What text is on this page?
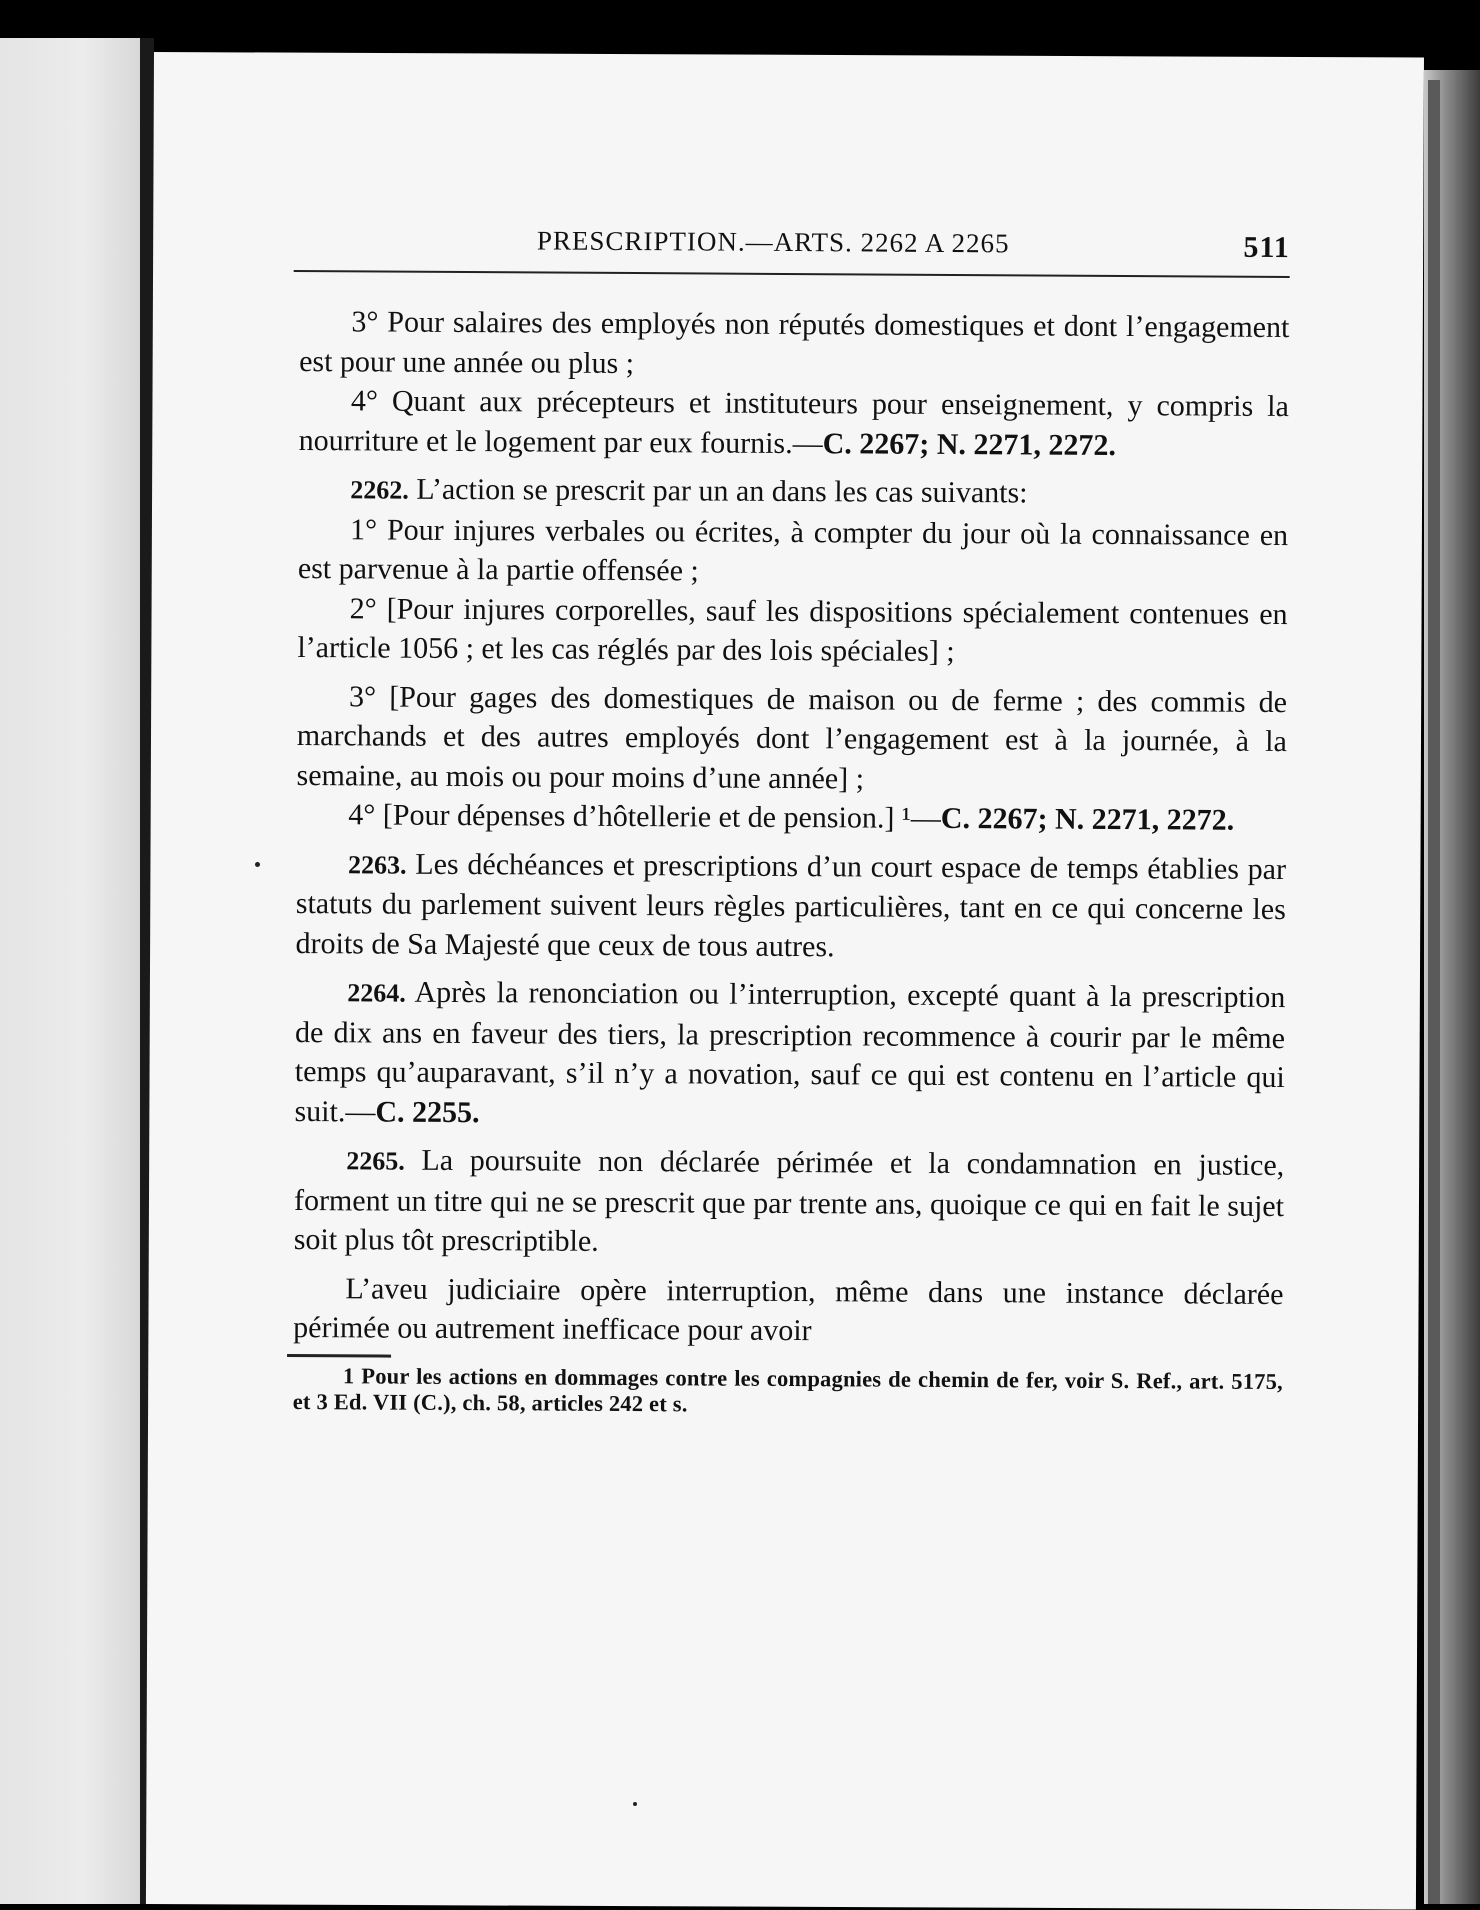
PRESCRIPTION.—ARTS. 2262 A 2265	511

3° Pour salaires des employés non réputés domestiques et dont l’engagement est pour une année ou plus ;

4° Quant aux précepteurs et instituteurs pour enseignement, y compris la nourriture et le logement par eux fournis.—C. 2267; N. 2271, 2272.

2262. L’action se prescrit par un an dans les cas suivants:

1° Pour injures verbales ou écrites, à compter du jour où la connaissance en est parvenue à la partie offensée ;

2° [Pour injures corporelles, sauf les dispositions spécialement contenues en l’article 1056 ; et les cas réglés par des lois spéciales] ;

3° [Pour gages des domestiques de maison ou de ferme ; des commis de marchands et des autres employés dont l’engagement est à la journée, à la semaine, au mois ou pour moins d’une année] ;

4° [Pour dépenses d’hôtellerie et de pension.] ¹—C. 2267; N. 2271, 2272.

2263. Les déchéances et prescriptions d’un court espace de temps établies par statuts du parlement suivent leurs règles particulières, tant en ce qui concerne les droits de Sa Majesté que ceux de tous autres.

2264. Après la renonciation ou l’interruption, excepté quant à la prescription de dix ans en faveur des tiers, la prescription recommence à courir par le même temps qu’auparavant, s’il n’y a novation, sauf ce qui est contenu en l’article qui suit.—C. 2255.

2265. La poursuite non déclarée périmée et la condamnation en justice, forment un titre qui ne se prescrit que par trente ans, quoique ce qui en fait le sujet soit plus tôt prescriptible.

L’aveu judiciaire opère interruption, même dans une instance déclarée périmée ou autrement inefficace pour avoir

1 Pour les actions en dommages contre les compagnies de chemin de fer, voir S. Ref., art. 5175, et 3 Ed. VII (C.), ch. 58, articles 242 et s.
